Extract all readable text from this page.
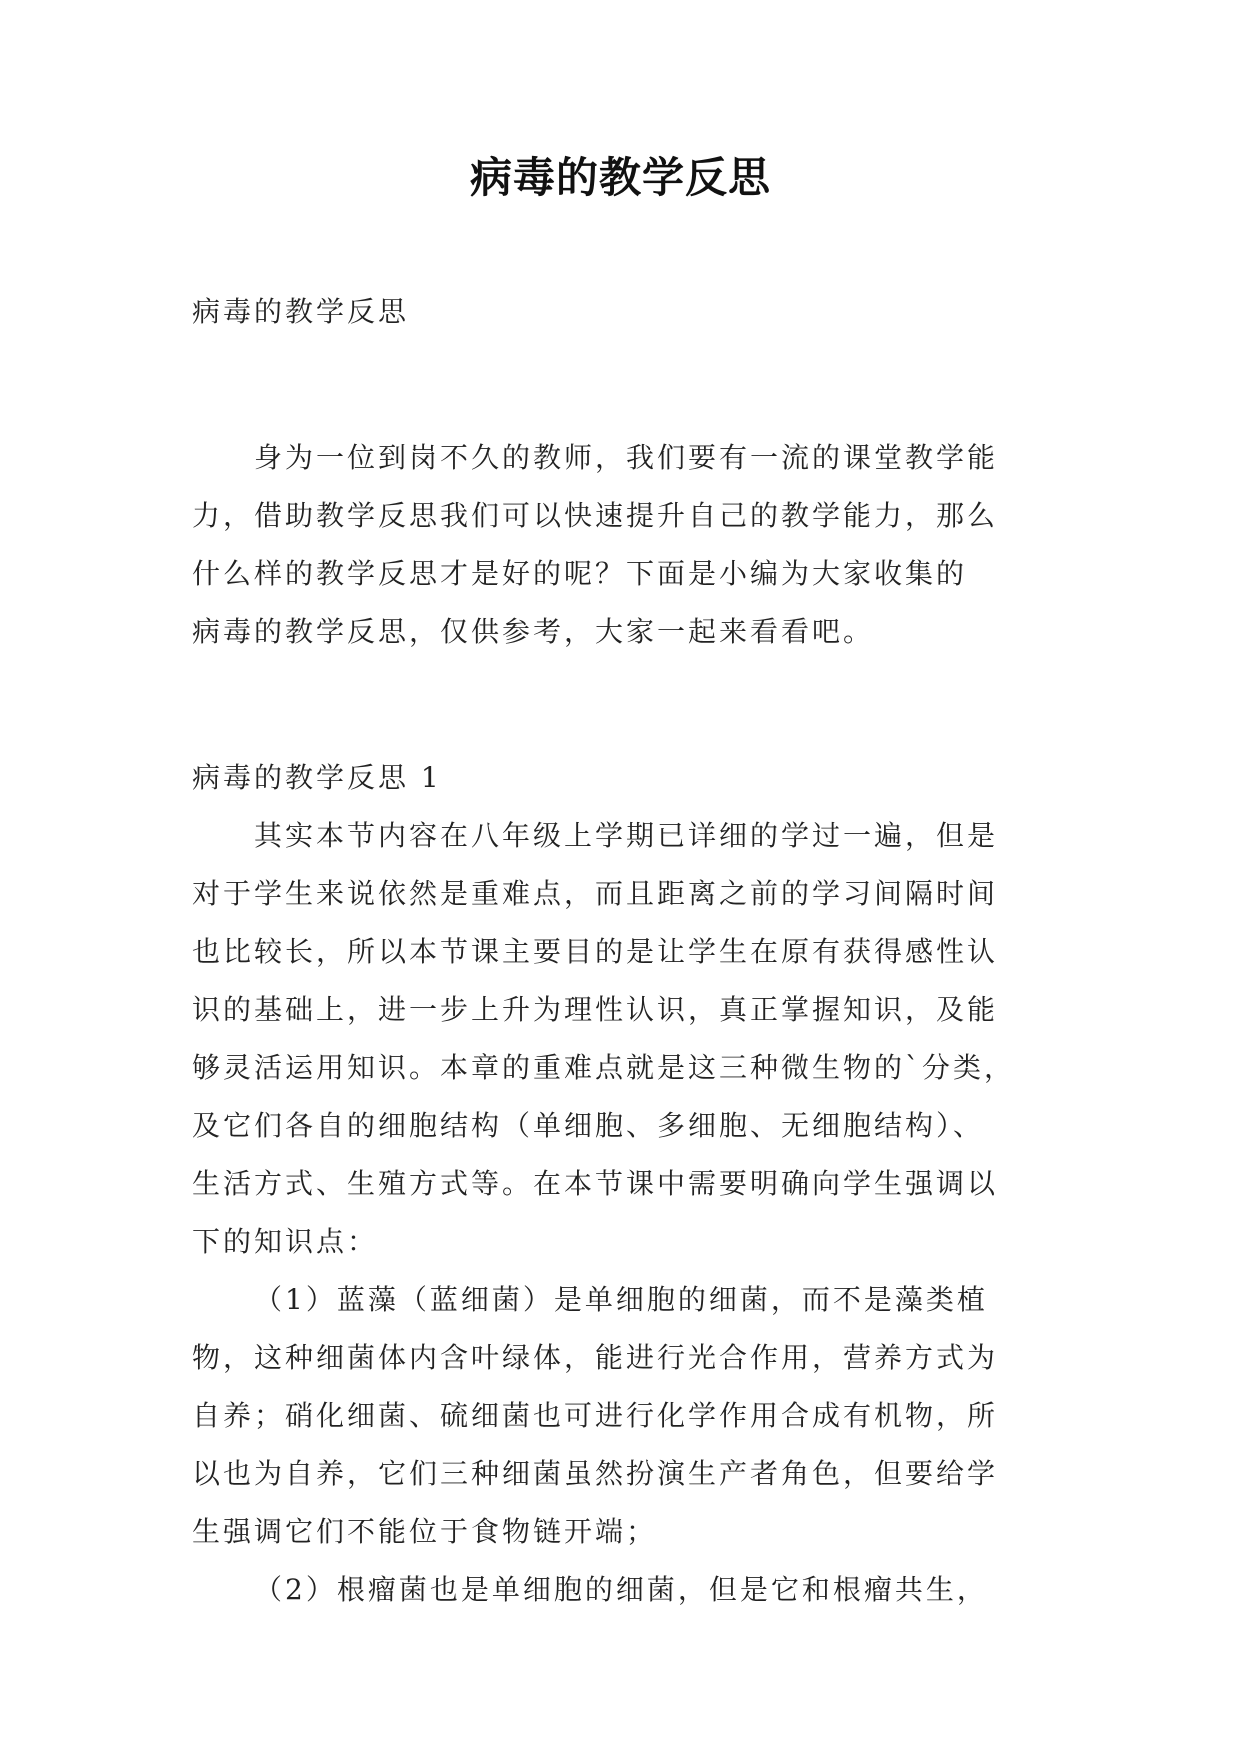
病毒的教学反思
病毒的教学反思
身为一位到岗不久的教师，我们要有一流的课堂教学能
力，借助教学反思我们可以快速提升自己的教学能力，那么
什么样的教学反思才是好的呢？下面是小编为大家收集的
病毒的教学反思，仅供参考，大家一起来看看吧。
病毒的教学反思 1
其实本节内容在八年级上学期已详细的学过一遍，但是
对于学生来说依然是重难点，而且距离之前的学习间隔时间
也比较长，所以本节课主要目的是让学生在原有获得感性认
识的基础上，进一步上升为理性认识，真正掌握知识，及能
够灵活运用知识。本章的重难点就是这三种微生物的`分类，
及它们各自的细胞结构（单细胞、多细胞、无细胞结构）、
生活方式、生殖方式等。在本节课中需要明确向学生强调以
下的知识点：
（1）蓝藻（蓝细菌）是单细胞的细菌，而不是藻类植
物，这种细菌体内含叶绿体，能进行光合作用，营养方式为
自养；硝化细菌、硫细菌也可进行化学作用合成有机物，所
以也为自养，它们三种细菌虽然扮演生产者角色，但要给学
生强调它们不能位于食物链开端；
（2）根瘤菌也是单细胞的细菌，但是它和根瘤共生，
